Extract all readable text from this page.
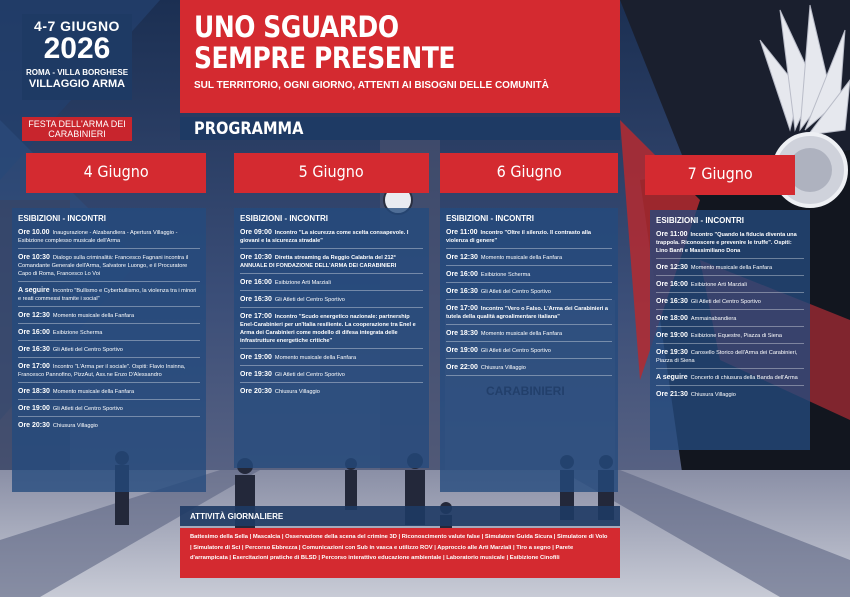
4-7 GIUGNO
2026
ROMA - VILLA BORGHESE
VILLAGGIO ARMA
FESTA DELL'ARMA DEI CARABINIERI
UNO SGUARDO
SEMPRE PRESENTE
SUL TERRITORIO, OGNI GIORNO, ATTENTI AI BISOGNI DELLE COMUNITÀ
PROGRAMMA
4 Giugno	5 Giugno	6 Giugno	7 Giugno
ESIBIZIONI - INCONTRI
Ore 10.00 Inaugurazione - Alzabandiera - Apertura Villaggio - Esibizione complesso musicale dell'Arma
Ore 10:30 Dialogo sulla criminalità: Francesco Fagnani incontra il Comandante Generale dell'Arma, Salvatore Luongo, e il Procuratore Capo di Roma, Francesco Lo Voi
A seguire Incontro "Bullismo e Cyberbullismo, la violenza tra i minori e reati commessi tramite i social"
Ore 12:30 Momento musicale della Fanfara
Ore 16:00 Esibizione Scherma
Ore 16:30 Gli Atleti del Centro Sportivo
Ore 17:00 Incontro "L'Arma per il sociale". Ospiti: Flavio Insinna, Francesco Pannofino, PizzAut, Ass.ne Enzo D'Alessandro
Ore 18:30 Momento musicale della Fanfara
Ore 19:00 Gli Atleti del Centro Sportivo
Ore 20:30 Chiusura Villaggio
ESIBIZIONI - INCONTRI
Ore 09:00 Incontro "La sicurezza come scelta consapevole. I giovani e la sicurezza stradale"
Ore 10:30 Diretta streaming da Reggio Calabria del 212° ANNUALE DI FONDAZIONE DELL'ARMA DEI CARABINIERI
Ore 16:00 Esibizione Arti Marziali
Ore 16:30 Gli Atleti del Centro Sportivo
Ore 17:00 Incontro "Scudo energetico nazionale: partnership Enel-Carabinieri per un'Italia resiliente. La cooperazione tra Enel e Arma dei Carabinieri come modello di difesa integrata delle infrastrutture energetiche critiche"
Ore 19:00 Momento musicale della Fanfara
Ore 19:30 Gli Atleti del Centro Sportivo
Ore 20:30 Chiusura Villaggio
ESIBIZIONI - INCONTRI
Ore 11:00 Incontro "Oltre il silenzio. Il contrasto alla violenza di genere"
Ore 12:30 Momento musicale della Fanfara
Ore 16:00 Esibizione Scherma
Ore 16:30 Gli Atleti del Centro Sportivo
Ore 17:00 Incontro "Vero o Falso. L'Arma dei Carabinieri a tutela della qualità agroalimentare italiana"
Ore 18:30 Momento musicale della Fanfara
Ore 19:00 Gli Atleti del Centro Sportivo
Ore 22:00 Chiusura Villaggio
CARABINIERI
ESIBIZIONI - INCONTRI
Ore 11:00 Incontro "Quando la fiducia diventa una trappola. Riconoscere e prevenire le truffe". Ospiti: Lino Banfi e Massimiliano Dona
Ore 12:30 Momento musicale della Fanfara
Ore 16:00 Esibizione Arti Marziali
Ore 16:30 Gli Atleti del Centro Sportivo
Ore 18:00 Ammainabandiera
Ore 19:00 Esibizione Equestre, Piazza di Siena
Ore 19:30 Carosello Storico dell'Arma dei Carabinieri, Piazza di Siena
A seguire Concerto di chiusura della Banda dell'Arma
Ore 21:30 Chiusura Villaggio
ATTIVITÀ GIORNALIERE
Battesimo della Sella | Mascalcia | Osservazione della scena del crimine 3D | Riconoscimento valute false | Simulatore Guida Sicura | Simulatore di Volo | Simulatore di Sci | Percorso Ebbrezza | Comunicazioni con Sub in vasca e utilizzo ROV | Approccio alle Arti Marziali | Tiro a segno | Parete d'arrampicata | Esercitazioni pratiche di BLSD | Percorso interattivo educazione ambientale | Laboratorio musicale | Esibizione Cinofili
